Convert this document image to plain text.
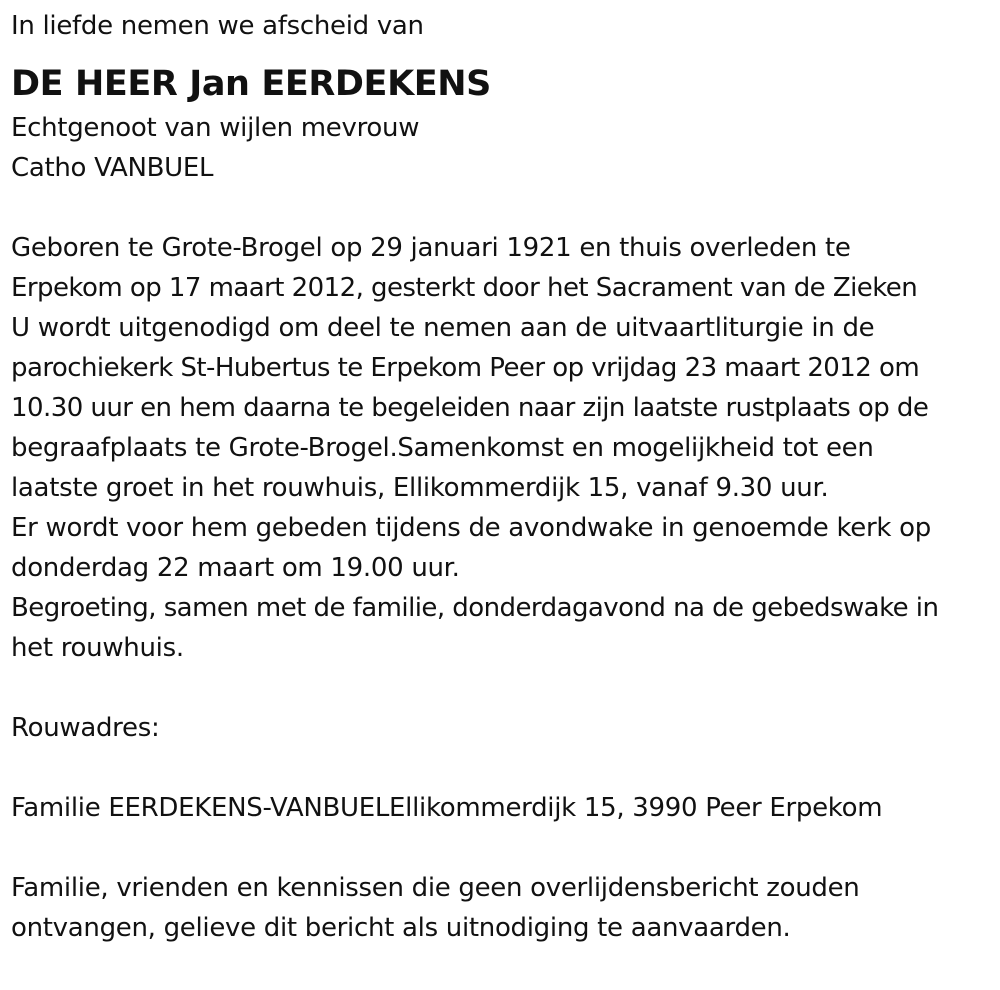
In liefde nemen we afscheid van
DE HEER Jan EERDEKENS
Echtgenoot van wijlen mevrouw
Catho VANBUEL
Geboren te Grote-Brogel op 29 januari 1921 en thuis overleden te
Erpekom op 17 maart 2012, gesterkt door het Sacrament van de Zieken
U wordt uitgenodigd om deel te nemen aan de uitvaartliturgie in de
parochiekerk St-Hubertus te Erpekom Peer op vrijdag 23 maart 2012 om
10.30 uur en hem daarna te begeleiden naar zijn laatste rustplaats op de
begraafplaats te Grote-Brogel.Samenkomst en mogelijkheid tot een
laatste groet in het rouwhuis, Ellikommerdijk 15, vanaf 9.30 uur.
Er wordt voor hem gebeden tijdens de avondwake in genoemde kerk op
donderdag 22 maart om 19.00 uur.
Begroeting, samen met de familie, donderdagavond na de gebedswake in
het rouwhuis.
Rouwadres:
Familie EERDEKENS-VANBUELEllikommerdijk 15, 3990 Peer Erpekom
Familie, vrienden en kennissen die geen overlijdensbericht zouden
ontvangen, gelieve dit bericht als uitnodiging te aanvaarden.
